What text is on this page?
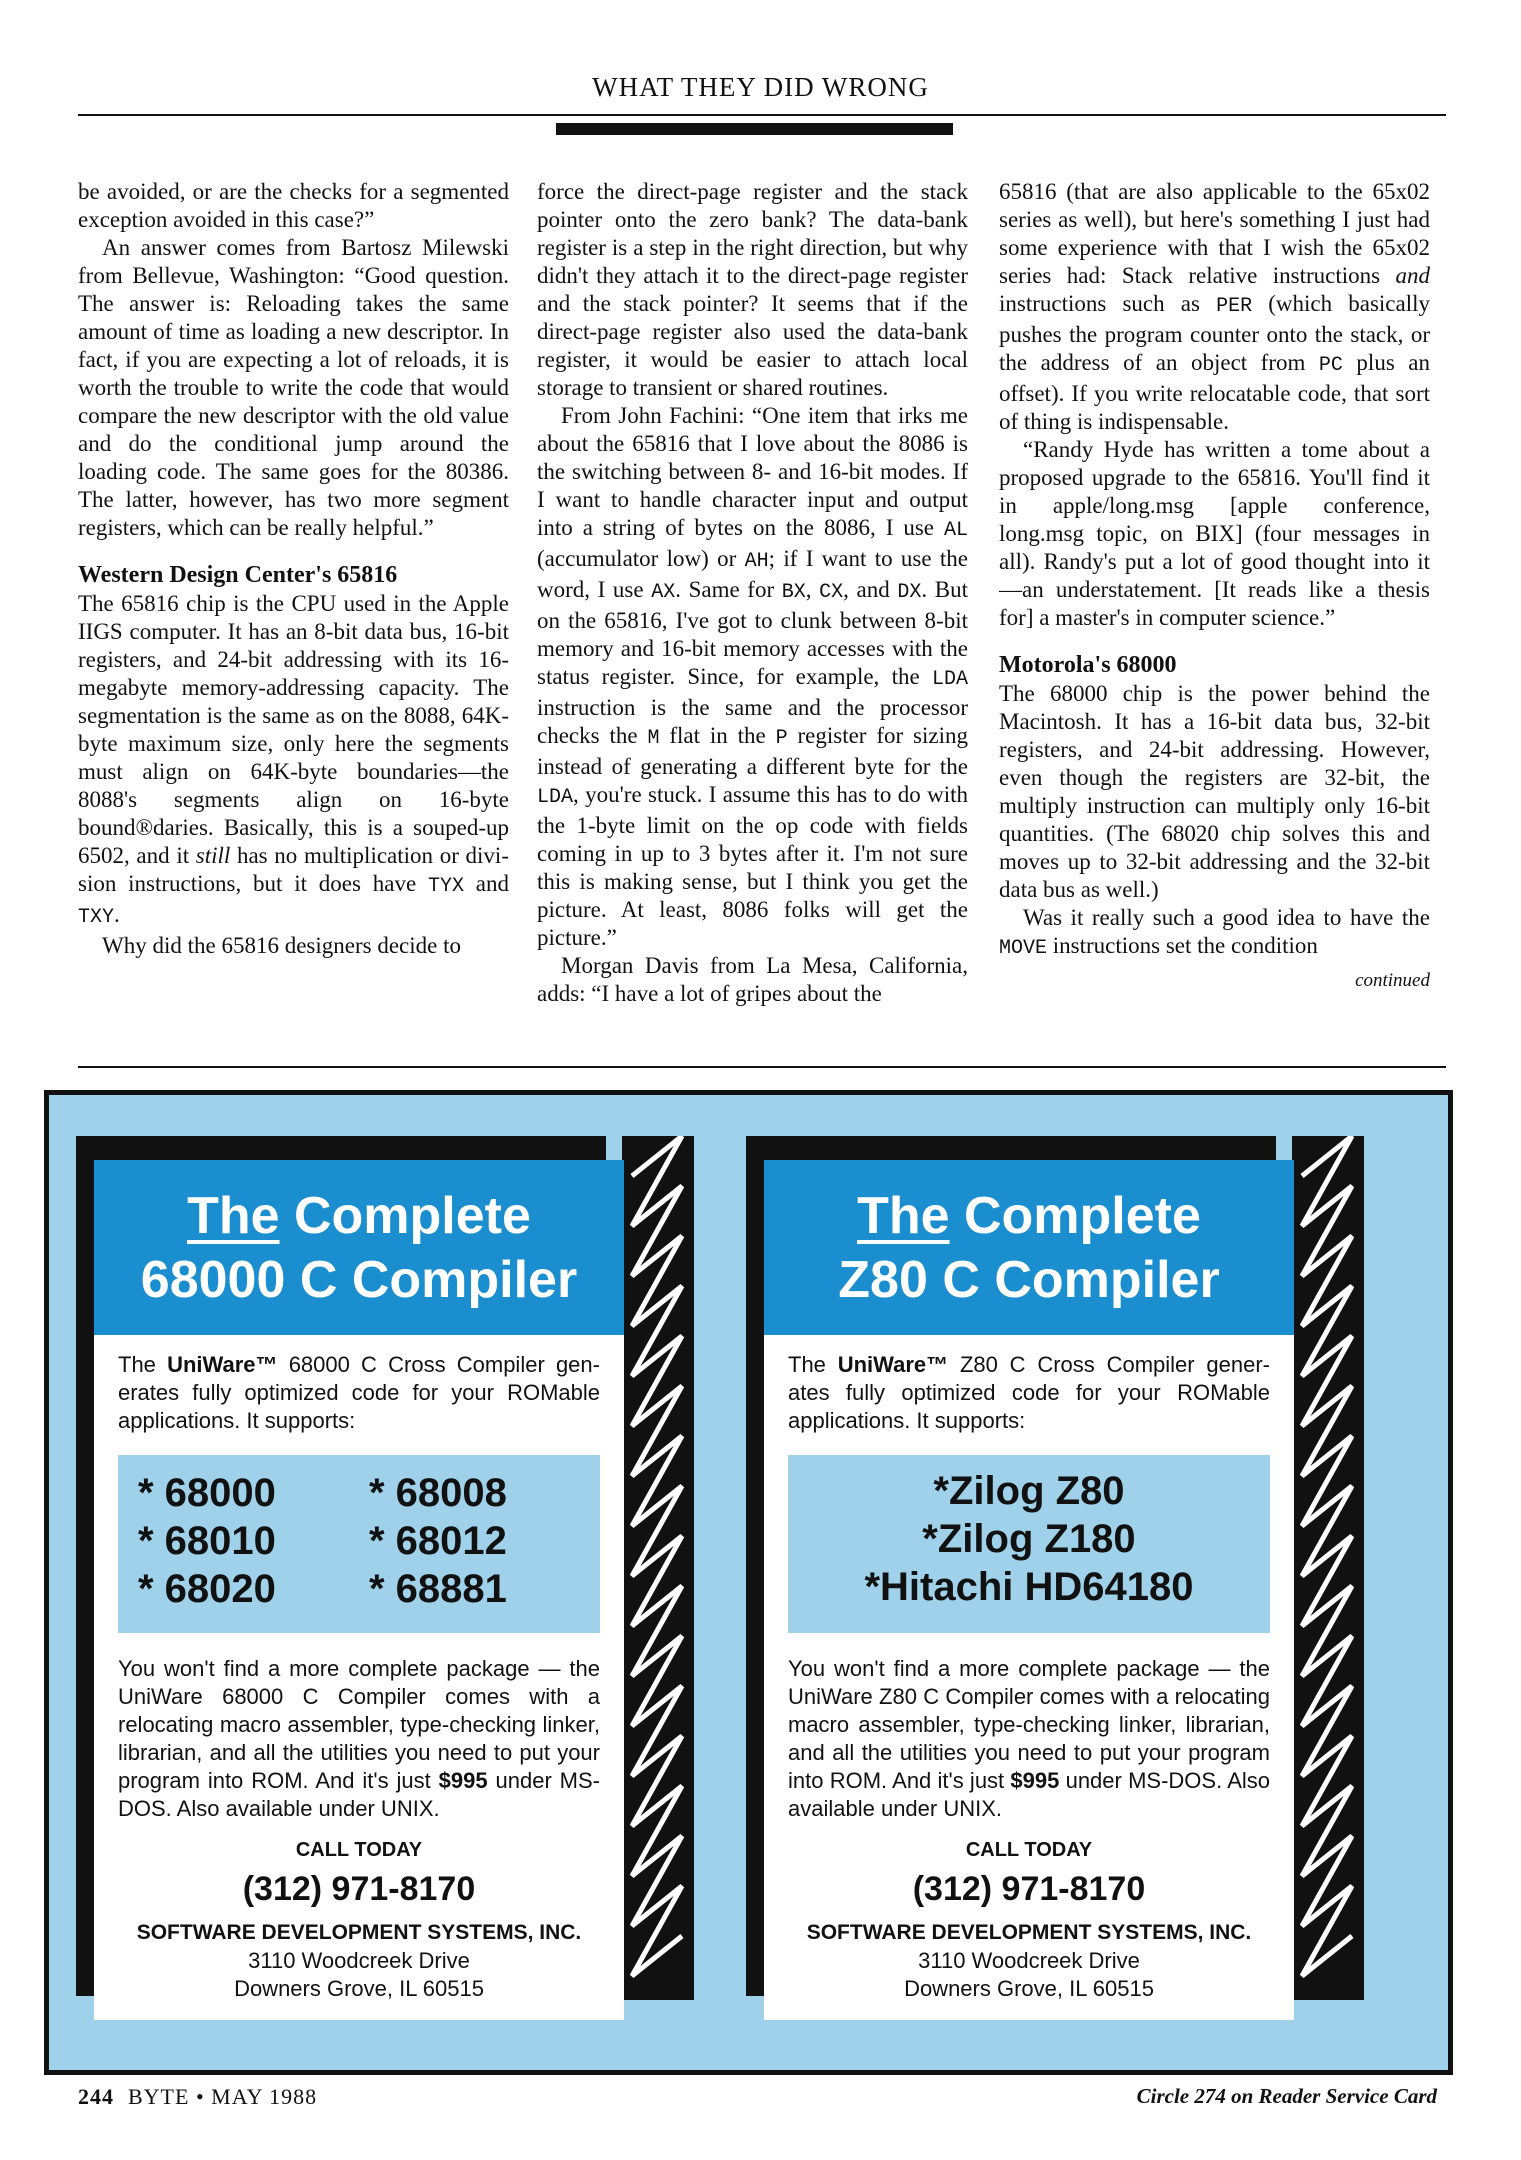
WHAT THEY DID WRONG

be avoided, or are the checks for a segmented exception avoided in this case?”

An answer comes from Bartosz Milewski from Bellevue, Washington: “Good question. The answer is: Reloading takes the same amount of time as loading a new descriptor. In fact, if you are expecting a lot of reloads, it is worth the trouble to write the code that would compare the new descriptor with the old value and do the conditional jump around the loading code. The same goes for the 80386. The latter, however, has two more segment registers, which can be really helpful.”

Western Design Center's 65816

The 65816 chip is the CPU used in the Apple IIGS computer. It has an 8-bit data bus, 16-bit registers, and 24-bit addressing with its 16-megabyte memory-addressing capacity. The segmentation is the same as on the 8088, 64K-byte maximum size, only here the segments must align on 64K-byte boundaries—the 8088's segments align on 16-byte bound®daries. Basically, this is a souped-up 6502, and it still has no multiplication or division instructions, but it does have TYX and TXY.

Why did the 65816 designers decide to

force the direct-page register and the stack pointer onto the zero bank? The data-bank register is a step in the right direction, but why didn't they attach it to the direct-page register and the stack pointer? It seems that if the direct-page register also used the data-bank register, it would be easier to attach local storage to transient or shared routines.

From John Fachini: “One item that irks me about the 65816 that I love about the 8086 is the switching between 8- and 16-bit modes. If I want to handle character input and output into a string of bytes on the 8086, I use AL (accumulator low) or AH; if I want to use the word, I use AX. Same for BX, CX, and DX. But on the 65816, I've got to clunk between 8-bit memory and 16-bit memory accesses with the status register. Since, for example, the LDA instruction is the same and the processor checks the M flat in the P register for sizing instead of generating a different byte for the LDA, you're stuck. I assume this has to do with the 1-byte limit on the op code with fields coming in up to 3 bytes after it. I'm not sure this is making sense, but I think you get the picture. At least, 8086 folks will get the picture.”

Morgan Davis from La Mesa, California, adds: “I have a lot of gripes about the

65816 (that are also applicable to the 65x02 series as well), but here's something I just had some experience with that I wish the 65x02 series had: Stack relative instructions and instructions such as PER (which basically pushes the program counter onto the stack, or the address of an object from PC plus an offset). If you write relocatable code, that sort of thing is indispensable.

“Randy Hyde has written a tome about a proposed upgrade to the 65816. You'll find it in apple/long.msg [apple conference, long.msg topic, on BIX] (four messages in all). Randy's put a lot of good thought into it—an understatement. [It reads like a thesis for] a master's in computer science.”

Motorola's 68000

The 68000 chip is the power behind the Macintosh. It has a 16-bit data bus, 32-bit registers, and 24-bit addressing. However, even though the registers are 32-bit, the multiply instruction can multiply only 16-bit quantities. (The 68020 chip solves this and moves up to 32-bit addressing and the 32-bit data bus as well.)

Was it really such a good idea to have the MOVE instructions set the condition

continued
The Complete
68000 C Compiler
The UniWare™ 68000 C Cross Compiler generates fully optimized code for your ROMable applications. It supports:
* 68000	* 68008
* 68010	* 68012
* 68020	* 68881
You won't find a more complete package — the UniWare 68000 C Compiler comes with a relocating macro assembler, type-checking linker, librarian, and all the utilities you need to put your program into ROM. And it's just $995 under MS-DOS. Also available under UNIX.
CALL TODAY
(312) 971-8170
SOFTWARE DEVELOPMENT SYSTEMS, INC.
3110 Woodcreek Drive
Downers Grove, IL 60515
The Complete
Z80 C Compiler
The UniWare™ Z80 C Cross Compiler generates fully optimized code for your ROMable applications. It supports:
*Zilog Z80
*Zilog Z180
*Hitachi HD64180
You won't find a more complete package — the UniWare Z80 C Compiler comes with a relocating macro assembler, type-checking linker, librarian, and all the utilities you need to put your program into ROM. And it's just $995 under MS-DOS. Also available under UNIX.
CALL TODAY
(312) 971-8170
SOFTWARE DEVELOPMENT SYSTEMS, INC.
3110 Woodcreek Drive
Downers Grove, IL 60515
244 BYTE • MAY 1988	Circle 274 on Reader Service Card
